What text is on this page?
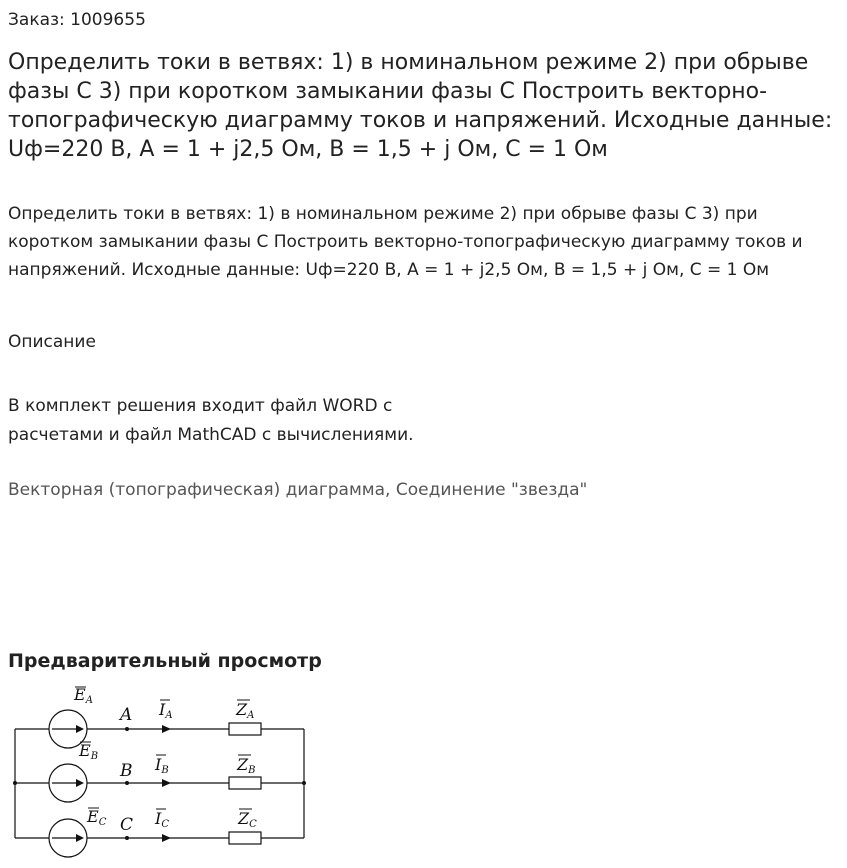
Заказ: 1009655
Определить токи в ветвях: 1) в номинальном режиме 2) при обрыве фазы С 3) при коротком замыкании фазы С Построить векторно-топографическую диаграмму токов и напряжений. Исходные данные: Uф=220 В, А = 1 + j2,5 Ом, В = 1,5 + j Ом, С = 1 Ом

Определить токи в ветвях: 1) в номинальном режиме 2) при обрыве фазы С 3) при коротком замыкании фазы С Построить векторно-топографическую диаграмму токов и напряжений. Исходные данные: Uф=220 В, А = 1 + j2,5 Ом, В = 1,5 + j Ом, С = 1 Ом

Описание

В комплект решения входит файл WORD с расчетами и файл MathCAD с вычислениями.

Векторная (топографическая) диаграмма, Соединение "звезда"
Предварительный просмотр
EA
A IA	ZA
EB
B IB	ZB
EC C IC	ZC
